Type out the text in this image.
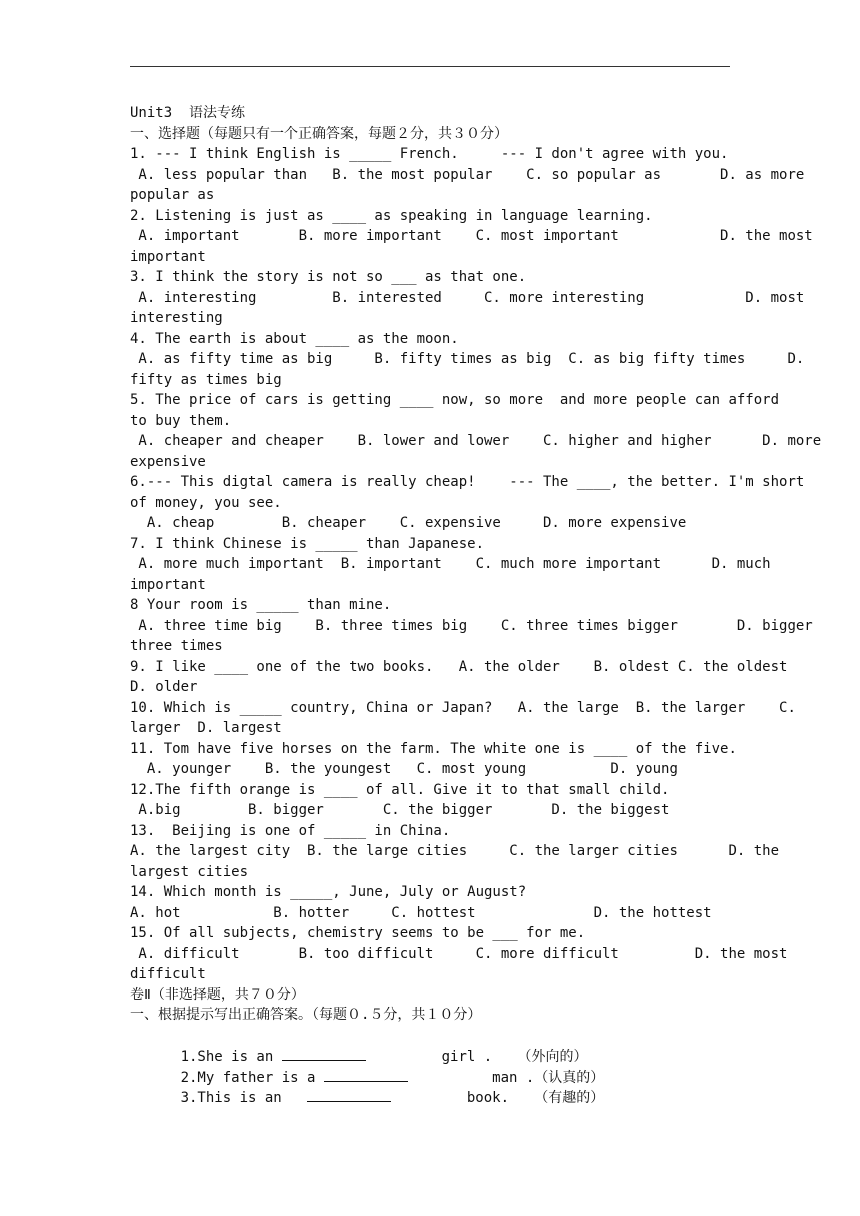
Unit3  语法专练
一、选择题（每题只有一个正确答案，每题２分，共３０分）
1. --- I think English is _____ French.     --- I don't agree with you.
A. less popular than   B. the most popular    C. so popular as       D. as more
popular as
2. Listening is just as ____ as speaking in language learning.
A. important       B. more important    C. most important            D. the most
important
3. I think the story is not so ___ as that one.
A. interesting         B. interested     C. more interesting            D. most
interesting
4. The earth is about ____ as the moon.
A. as fifty time as big     B. fifty times as big  C. as big fifty times     D.
fifty as times big
5. The price of cars is getting ____ now, so more  and more people can afford
to buy them.
A. cheaper and cheaper    B. lower and lower    C. higher and higher      D. more
expensive
6.--- This digtal camera is really cheap!    --- The ____, the better. I'm short
of money, you see.
A. cheap        B. cheaper    C. expensive     D. more expensive
7. I think Chinese is _____ than Japanese.
A. more much important  B. important    C. much more important      D. much
important
8 Your room is _____ than mine.
A. three time big    B. three times big    C. three times bigger       D. bigger
three times
9. I like ____ one of the two books.   A. the older    B. oldest C. the oldest
D. older
10. Which is _____ country, China or Japan?   A. the large  B. the larger    C.
larger  D. largest
11. Tom have five horses on the farm. The white one is ____ of the five.
A. younger    B. the youngest   C. most young          D. young
12.The fifth orange is ____ of all. Give it to that small child.
A.big        B. bigger       C. the bigger       D. the biggest
13.  Beijing is one of _____ in China.
A. the largest city  B. the large cities     C. the larger cities      D. the
largest cities
14. Which month is _____, June, July or August?
A. hot           B. hotter     C. hottest              D. the hottest
15. Of all subjects, chemistry seems to be ___ for me.
A. difficult       B. too difficult     C. more difficult         D. the most
difficult
卷Ⅱ（非选择题，共７０分）
一、根据提示写出正确答案。（每题０.５分，共１０分）

1.She is an	girl .   （外向的）

2.My father is a	man .（认真的）

3.This is an	book.   （有趣的）
